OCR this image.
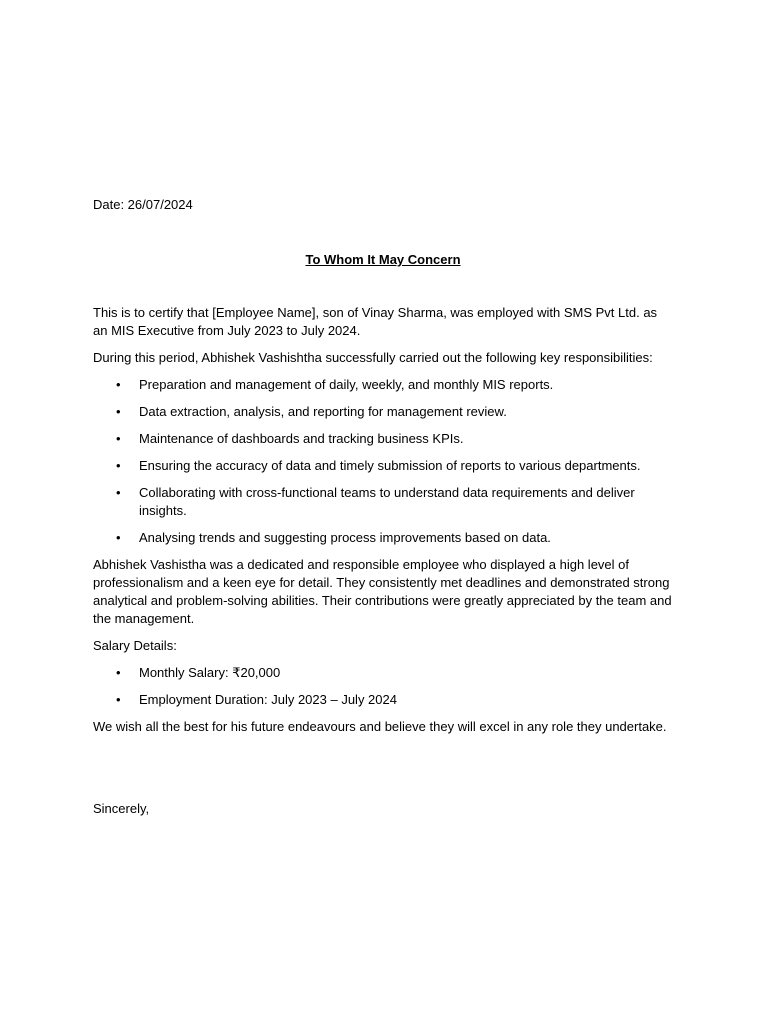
Date: 26/07/2024

To Whom It May Concern

This is to certify that [Employee Name], son of Vinay Sharma, was employed with SMS Pvt Ltd. as an MIS Executive from July 2023 to July 2024.

During this period, Abhishek Vashishtha successfully carried out the following key responsibilities:

• Preparation and management of daily, weekly, and monthly MIS reports.
• Data extraction, analysis, and reporting for management review.
• Maintenance of dashboards and tracking business KPIs.
• Ensuring the accuracy of data and timely submission of reports to various departments.
• Collaborating with cross-functional teams to understand data requirements and deliver insights.
• Analysing trends and suggesting process improvements based on data.

Abhishek Vashistha was a dedicated and responsible employee who displayed a high level of professionalism and a keen eye for detail. They consistently met deadlines and demonstrated strong analytical and problem-solving abilities. Their contributions were greatly appreciated by the team and the management.

Salary Details:

• Monthly Salary: ₹20,000
• Employment Duration: July 2023 – July 2024

We wish all the best for his future endeavours and believe they will excel in any role they undertake.

Sincerely,
